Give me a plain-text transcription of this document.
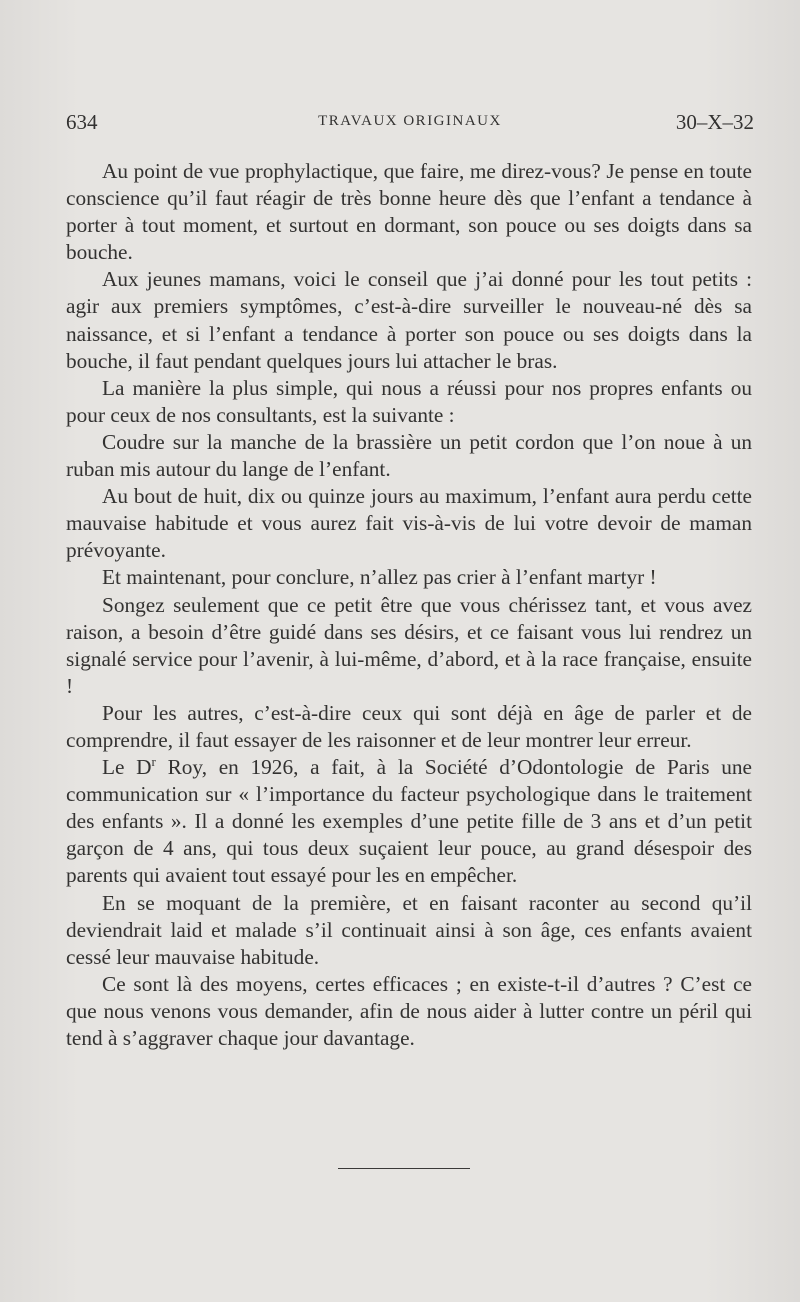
634	TRAVAUX ORIGINAUX	30–X–32

Au point de vue prophylactique, que faire, me direz-vous? Je pense en toute conscience qu’il faut réagir de très bonne heure dès que l’enfant a tendance à porter à tout moment, et surtout en dormant, son pouce ou ses doigts dans sa bouche.

Aux jeunes mamans, voici le conseil que j’ai donné pour les tout petits : agir aux premiers symptômes, c’est-à-dire surveiller le nouveau-né dès sa naissance, et si l’enfant a tendance à porter son pouce ou ses doigts dans la bouche, il faut pendant quelques jours lui attacher le bras.

La manière la plus simple, qui nous a réussi pour nos propres enfants ou pour ceux de nos consultants, est la suivante :

Coudre sur la manche de la brassière un petit cordon que l’on noue à un ruban mis autour du lange de l’enfant.

Au bout de huit, dix ou quinze jours au maximum, l’enfant aura perdu cette mauvaise habitude et vous aurez fait vis-à-vis de lui votre devoir de maman prévoyante.

Et maintenant, pour conclure, n’allez pas crier à l’enfant martyr !

Songez seulement que ce petit être que vous chérissez tant, et vous avez raison, a besoin d’être guidé dans ses désirs, et ce faisant vous lui rendrez un signalé service pour l’avenir, à lui-même, d’abord, et à la race française, ensuite !

Pour les autres, c’est-à-dire ceux qui sont déjà en âge de parler et de comprendre, il faut essayer de les raisonner et de leur montrer leur erreur.

Le $D^r$ Roy, en 1926, a fait, à la Société d’Odontologie de Paris une communication sur « l’importance du facteur psychologique dans le traitement des enfants ». Il a donné les exemples d’une petite fille de 3 ans et d’un petit garçon de 4 ans, qui tous deux suçaient leur pouce, au grand désespoir des parents qui avaient tout essayé pour les en empêcher.

En se moquant de la première, et en faisant raconter au second qu’il deviendrait laid et malade s’il continuait ainsi à son âge, ces enfants avaient cessé leur mauvaise habitude.

Ce sont là des moyens, certes efficaces ; en existe-t-il d’autres ? C’est ce que nous venons vous demander, afin de nous aider à lutter contre un péril qui tend à s’aggraver chaque jour davantage.
